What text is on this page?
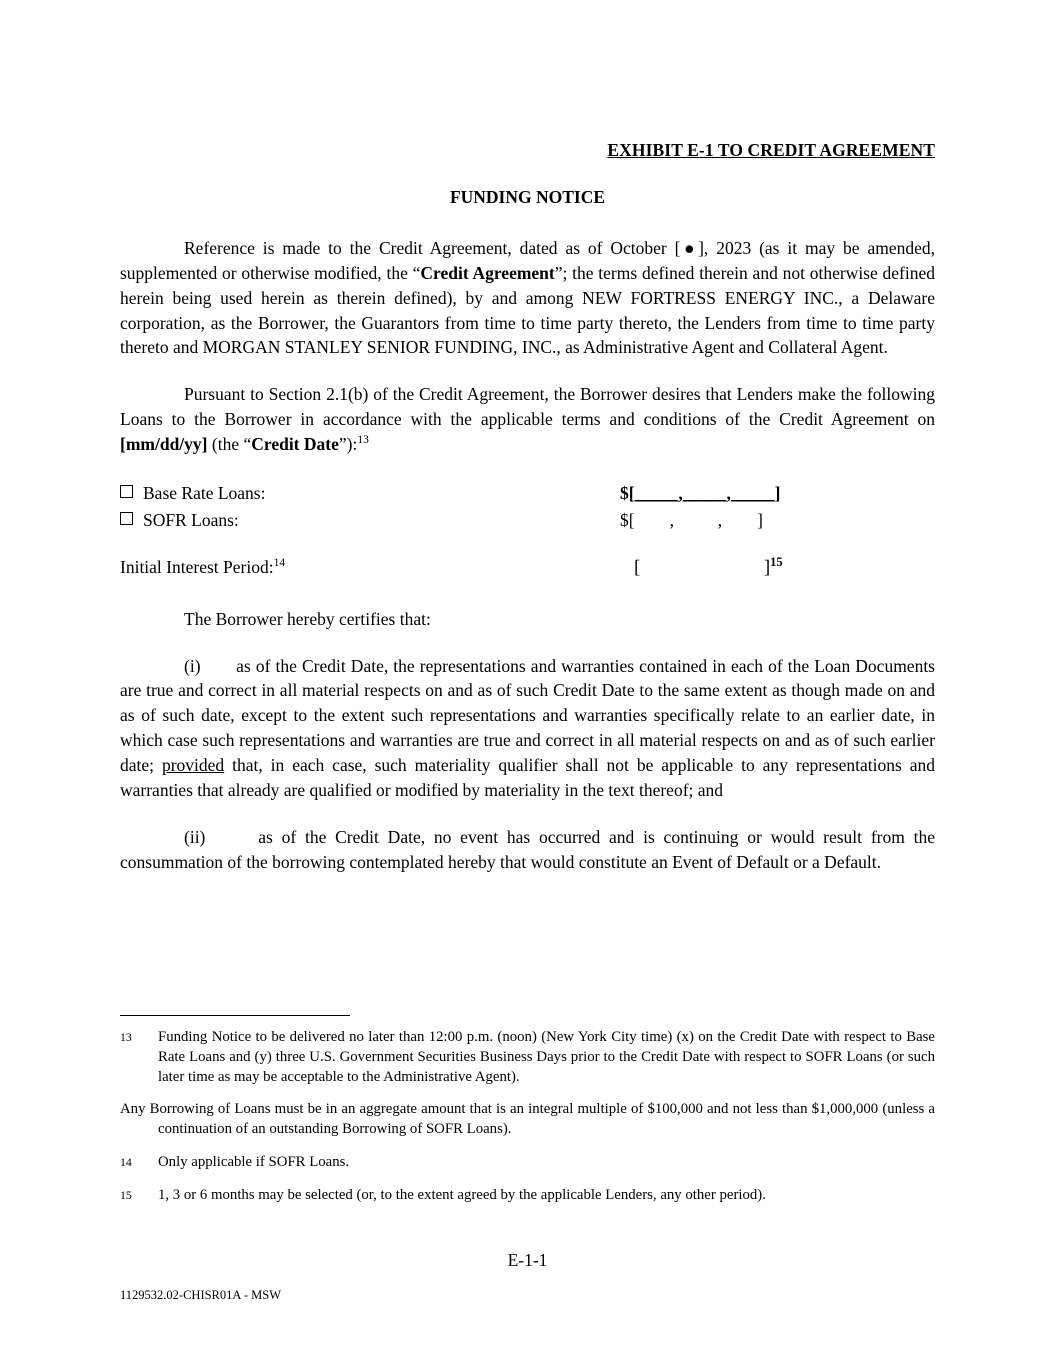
EXHIBIT E-1 TO CREDIT AGREEMENT
FUNDING NOTICE

Reference is made to the Credit Agreement, dated as of October [●], 2023 (as it may be amended, supplemented or otherwise modified, the “Credit Agreement”; the terms defined therein and not otherwise defined herein being used herein as therein defined), by and among NEW FORTRESS ENERGY INC., a Delaware corporation, as the Borrower, the Guarantors from time to time party thereto, the Lenders from time to time party thereto and MORGAN STANLEY SENIOR FUNDING, INC., as Administrative Agent and Collateral Agent.

Pursuant to Section 2.1(b) of the Credit Agreement, the Borrower desires that Lenders make the following Loans to the Borrower in accordance with the applicable terms and conditions of the Credit Agreement on [mm/dd/yy] (the “Credit Date”):$^{13}$

Base Rate Loans:	$[_____,_____,_____]
SOFR Loans:	$[        ,          ,        ]
Initial Interest Period:$^{14}$	[                          ]$^{15}$

The Borrower hereby certifies that:

(i) as of the Credit Date, the representations and warranties contained in each of the Loan Documents are true and correct in all material respects on and as of such Credit Date to the same extent as though made on and as of such date, except to the extent such representations and warranties specifically relate to an earlier date, in which case such representations and warranties are true and correct in all material respects on and as of such earlier date; provided that, in each case, such materiality qualifier shall not be applicable to any representations and warranties that already are qualified or modified by materiality in the text thereof; and

(ii)	as of the Credit Date, no event has occurred and is continuing or would result from the consummation of the borrowing contemplated hereby that would constitute an Event of Default or a Default.

13	Funding Notice to be delivered no later than 12:00 p.m. (noon) (New York City time) (x) on the Credit Date with respect to Base Rate Loans and (y) three U.S. Government Securities Business Days prior to the Credit Date with respect to SOFR Loans (or such later time as may be acceptable to the Administrative Agent).
Any Borrowing of Loans must be in an aggregate amount that is an integral multiple of $100,000 and not less than $1,000,000 (unless a continuation of an outstanding Borrowing of SOFR Loans).
14	Only applicable if SOFR Loans.
15	1, 3 or 6 months may be selected (or, to the extent agreed by the applicable Lenders, any other period).
E-1-1
1129532.02-CHISR01A - MSW
